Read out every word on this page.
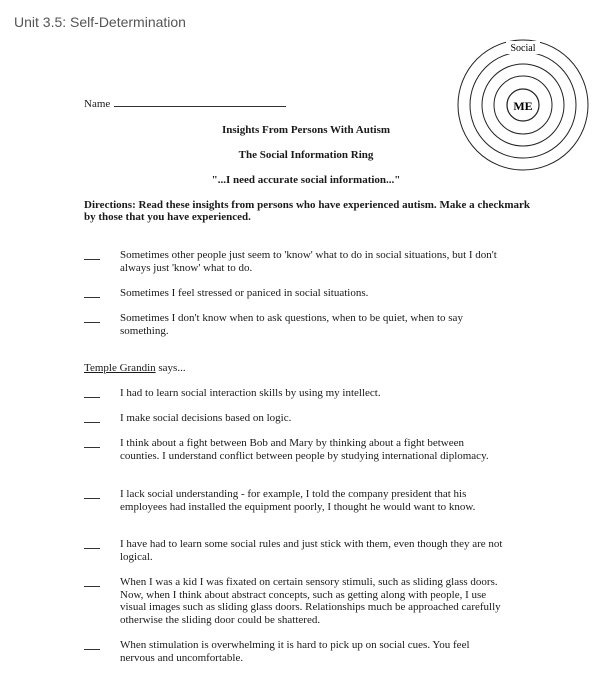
Unit 3.5: Self-Determination
Social
ME
Name
Insights From Persons With Autism
The Social Information Ring
"...I need accurate social information..."
Directions: Read these insights from persons who have experienced autism. Make a checkmark by those that you have experienced.
Sometimes other people just seem to 'know' what to do in social situations, but I don't always just 'know' what to do.
Sometimes I feel stressed or paniced in social situations.
Sometimes I don't know when to ask questions, when to be quiet, when to say something.
Temple Grandin says...
I had to learn social interaction skills by using my intellect.
I make social decisions based on logic.
I think about a fight between Bob and Mary by thinking about a fight between counties. I understand conflict between people by studying international diplomacy.
I lack social understanding - for example, I told the company president that his employees had installed the equipment poorly, I thought he would want to know.
I have had to learn some social rules and just stick with them, even though they are not logical.
When I was a kid I was fixated on certain sensory stimuli, such as sliding glass doors. Now, when I think about abstract concepts, such as getting along with people, I use visual images such as sliding glass doors. Relationships much be approached carefully otherwise the sliding door could be shattered.
When stimulation is overwhelming it is hard to pick up on social cues. You feel nervous and uncomfortable.
